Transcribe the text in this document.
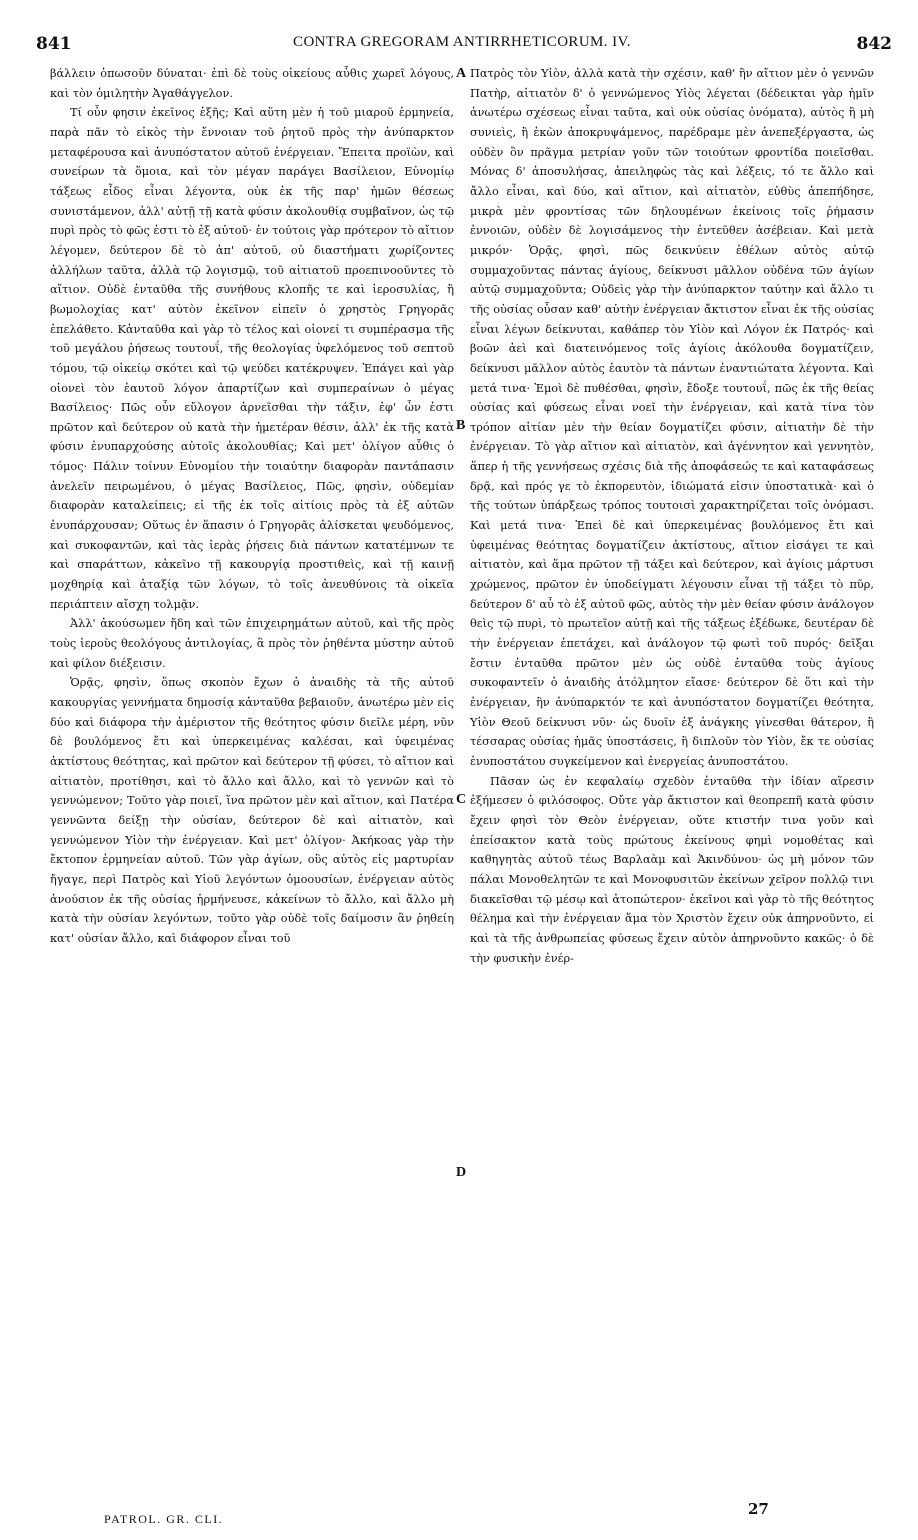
841	CONTRA GREGORAM ANTIRRHETICORUM. IV.	842

βάλλειν ὁπωσοῦν δύναται· ἐπὶ δὲ τοὺς οἰκείους αὖθις χωρεῖ λόγους, καὶ τὸν ὁμιλητὴν Ἀγαθάγγελον.

Τί οὖν φησιν ἐκεῖνος ἑξῆς; Καὶ αὕτη μὲν ἡ τοῦ μιαροῦ ἑρμηνεία, παρὰ πᾶν τὸ εἰκὸς τὴν ἔννοιαν τοῦ ῥητοῦ πρὸς τὴν ἀνύπαρκτον μεταφέρουσα καὶ ἀνυπόστατον αὐτοῦ ἐνέργειαν. Ἔπειτα προϊὼν, καὶ συνείρων τὰ ὅμοια, καὶ τὸν μέγαν παράγει Βασίλειον, Εὐνομίῳ τάξεως εἶδος εἶναι λέγοντα, οὐκ ἐκ τῆς παρ' ἡμῶν θέσεως συνιστάμενον, ἀλλ' αὐτῇ τῇ κατὰ φύσιν ἀκολουθίᾳ συμβαῖνον, ὡς τῷ πυρὶ πρὸς τὸ φῶς ἐστι τὸ ἐξ αὐτοῦ· ἐν τούτοις γὰρ πρότερον τὸ αἴτιον λέγομεν, δεύτερον δὲ τὸ ἀπ' αὐτοῦ, οὐ διαστήματι χωρίζοντες ἀλλήλων ταῦτα, ἀλλὰ τῷ λογισμῷ, τοῦ αἰτιατοῦ προεπινοοῦντες τὸ αἴτιον. Οὐδὲ ἐνταῦθα τῆς συνήθους κλοπῆς τε καὶ ἱεροσυλίας, ἢ βωμολοχίας κατ' αὐτὸν ἐκεῖνον εἰπεῖν ὁ χρηστὸς Γρηγορᾶς ἐπελάθετο. Κἀνταῦθα καὶ γὰρ τὸ τέλος καὶ οἱονεί τι συμπέρασμα τῆς τοῦ μεγάλου ῥήσεως τουτουΐ, τῆς θεολογίας ὑφελόμενος τοῦ σεπτοῦ τόμου, τῷ οἰκείῳ σκότει καὶ τῷ ψεύδει κατέκρυψεν. Ἐπάγει καὶ γὰρ οἱονεὶ τὸν ἑαυτοῦ λόγον ἀπαρτίζων καὶ συμπεραίνων ὁ μέγας Βασίλειος· Πῶς οὖν εὔλογον ἀρνεῖσθαι τὴν τάξιν, ἐφ' ὧν ἐστι πρῶτον καὶ δεύτερον οὐ κατὰ τὴν ἡμετέραν θέσιν, ἀλλ' ἐκ τῆς κατὰ φύσιν ἐνυπαρχούσης αὐτοῖς ἀκολουθίας; Καὶ μετ' ὀλίγον αὖθις ὁ τόμος· Πάλιν τοίνυν Εὐνομίου τὴν τοιαύτην διαφορὰν παντάπασιν ἀνελεῖν πειρωμένου, ὁ μέγας Βασίλειος, Πῶς, φησὶν, οὐδεμίαν διαφορὰν καταλείπεις; εἰ τῆς ἐκ τοῖς αἰτίοις πρὸς τὰ ἐξ αὐτῶν ἐνυπάρχουσαν; Οὕτως ἐν ἅπασιν ὁ Γρηγορᾶς ἁλίσκεται ψευδόμενος, καὶ συκοφαντῶν, καὶ τὰς ἱερὰς ῥήσεις διὰ πάντων κατατέμνων τε καὶ σπαράττων, κἀκεῖνο τῇ κακουργίᾳ προστιθεὶς, καὶ τῇ καινῇ μοχθηρίᾳ καὶ ἀταξίᾳ τῶν λόγων, τὸ τοῖς ἀνευθύνοις τὰ οἰκεῖα περιάπτειν αἴσχη τολμᾷν.

Ἀλλ' ἀκούσωμεν ἤδη καὶ τῶν ἐπιχειρημάτων αὐτοῦ, καὶ τῆς πρὸς τοὺς ἱεροὺς θεολόγους ἀντιλογίας, ἃ πρὸς τὸν ῥηθέντα μύστην αὐτοῦ καὶ φίλον διέξεισιν.

Ὁρᾷς, φησὶν, ὅπως σκοπὸν ἔχων ὁ ἀναιδὴς τὰ τῆς αὐτοῦ κακουργίας γεννήματα δημοσίᾳ κἀνταῦθα βεβαιοῦν, ἀνωτέρω μὲν εἰς δύο καὶ διάφορα τὴν ἀμέριστον τῆς θεότητος φύσιν διεῖλε μέρη, νῦν δὲ βουλόμενος ἔτι καὶ ὑπερκειμένας καλέσαι, καὶ ὑφειμένας ἀκτίστους θεότητας, καὶ πρῶτον καὶ δεύτερον τῇ φύσει, τὸ αἴτιον καὶ αἰτιατὸν, προτίθησι, καὶ τὸ ἄλλο καὶ ἄλλο, καὶ τὸ γεννῶν καὶ τὸ γεννώμενον; Τοῦτο γὰρ ποιεῖ, ἵνα πρῶτον μὲν καὶ αἴτιον, καὶ Πατέρα γεννῶντα δείξῃ τὴν οὐσίαν, δεύτερον δὲ καὶ αἰτιατὸν, καὶ γεννώμενον Υἱὸν τὴν ἐνέργειαν. Καὶ μετ' ὀλίγον· Ἀκήκοας γὰρ τὴν ἔκτοπον ἑρμηνείαν αὐτοῦ. Τῶν γὰρ ἁγίων, οὓς αὐτὸς εἰς μαρτυρίαν ἤγαγε, περὶ Πατρὸς καὶ Υἱοῦ λεγόντων ὁμοουσίων, ἐνέργειαν αὐτὸς ἀνούσιον ἐκ τῆς οὐσίας ἡρμήνευσε, κἀκείνων τὸ ἄλλο, καὶ ἄλλο μὴ κατὰ τὴν οὐσίαν λεγόντων, τοῦτο γὰρ οὐδὲ τοῖς δαίμοσιν ἂν ῥηθείη κατ' οὐσίαν ἄλλο, καὶ διάφορον εἶναι τοῦ

Πατρὸς τὸν Υἱὸν, ἀλλὰ κατὰ τὴν σχέσιν, καθ' ἣν αἴτιον μὲν ὁ γεννῶν Πατὴρ, αἰτιατὸν δ' ὁ γεννώμενος Υἱὸς λέγεται (δέδεικται γὰρ ἡμῖν ἀνωτέρω σχέσεως εἶναι ταῦτα, καὶ οὐκ οὐσίας ὀνόματα), αὐτὸς ἢ μὴ συνιεὶς, ἢ ἑκὼν ἀποκρυψάμενος, παρέδραμε μὲν ἀνεπεξέργαστα, ὡς οὐδὲν ὂν πρᾶγμα μετρίαν γοῦν τῶν τοιούτων φροντίδα ποιεῖσθαι. Μόνας δ' ἀποσυλήσας, ἀπειληφὼς τὰς καὶ λέξεις, τό τε ἄλλο καὶ ἄλλο εἶναι, καὶ δύο, καὶ αἴτιον, καὶ αἰτιατὸν, εὐθὺς ἀπεπήδησε, μικρὰ μὲν φροντίσας τῶν δηλουμένων ἐκείνοις τοῖς ῥήμασιν ἐννοιῶν, οὐδὲν δὲ λογισάμενος τὴν ἐντεῦθεν ἀσέβειαν. Καὶ μετὰ μικρόν· Ὁρᾷς, φησὶ, πῶς δεικνύειν ἐθέλων αὐτὸς αὐτῷ συμμαχοῦντας πάντας ἁγίους, δείκνυσι μᾶλλον οὐδένα τῶν ἁγίων αὐτῷ συμμαχοῦντα; Οὐδεὶς γὰρ τὴν ἀνύπαρκτον ταύτην καὶ ἄλλο τι τῆς οὐσίας οὖσαν καθ' αὑτὴν ἐνέργειαν ἄκτιστον εἶναι ἐκ τῆς οὐσίας εἶναι λέγων δείκνυται, καθάπερ τὸν Υἱὸν καὶ Λόγον ἐκ Πατρός· καὶ βοῶν ἀεὶ καὶ διατεινόμενος τοῖς ἁγίοις ἀκόλουθα δογματίζειν, δείκνυσι μᾶλλον αὐτὸς ἑαυτὸν τὰ πάντων ἐναντιώτατα λέγοντα. Καὶ μετά τινα· Ἐμοὶ δὲ πυθέσθαι, φησὶν, ἔδοξε τουτουΐ, πῶς ἐκ τῆς θείας οὐσίας καὶ φύσεως εἶναι νοεῖ τὴν ἐνέργειαν, καὶ κατὰ τίνα τὸν τρόπον αἰτίαν μὲν τὴν θείαν δογματίζει φύσιν, αἰτιατὴν δὲ τὴν ἐνέργειαν. Τὸ γὰρ αἴτιον καὶ αἰτιατὸν, καὶ ἀγέννητον καὶ γεννητὸν, ἅπερ ἡ τῆς γεννήσεως σχέσις διὰ τῆς ἀποφάσεώς τε καὶ καταφάσεως δρᾷ, καὶ πρός γε τὸ ἐκπορευτὸν, ἰδιώματά εἰσιν ὑποστατικὰ· καὶ ὁ τῆς τούτων ὑπάρξεως τρόπος τουτοισὶ χαρακτηρίζεται τοῖς ὀνόμασι. Καὶ μετά τινα· Ἐπεὶ δὲ καὶ ὑπερκειμένας βουλόμενος ἔτι καὶ ὑφειμένας θεότητας δογματίζειν ἀκτίστους, αἴτιον εἰσάγει τε καὶ αἰτιατὸν, καὶ ἅμα πρῶτον τῇ τάξει καὶ δεύτερον, καὶ ἁγίοις μάρτυσι χρώμενος, πρῶτον ἐν ὑποδείγματι λέγουσιν εἶναι τῇ τάξει τὸ πῦρ, δεύτερον δ' αὖ τὸ ἐξ αὐτοῦ φῶς, αὐτὸς τὴν μὲν θείαν φύσιν ἀνάλογον θεὶς τῷ πυρὶ, τὸ πρωτεῖον αὐτῇ καὶ τῆς τάξεως ἐξέδωκε, δευτέραν δὲ τὴν ἐνέργειαν ἐπετάχει, καὶ ἀνάλογον τῷ φωτὶ τοῦ πυρός· δεῖξαι ἔστιν ἐνταῦθα πρῶτον μὲν ὡς οὐδὲ ἐνταῦθα τοὺς ἁγίους συκοφαντεῖν ὁ ἀναιδὴς ἀτόλμητον εἴασε· δεύτερον δὲ ὅτι καὶ τὴν ἐνέργειαν, ἣν ἀνύπαρκτόν τε καὶ ἀνυπόστατον δογματίζει θεότητα, Υἱὸν Θεοῦ δείκνυσι νῦν· ὡς δυοῖν ἐξ ἀνάγκης γίνεσθαι θάτερον, ἢ τέσσαρας οὐσίας ἡμᾶς ὑποστάσεις, ἢ διπλοῦν τὸν Υἱὸν, ἔκ τε οὐσίας ἐνυποστάτου συγκείμενον καὶ ἐνεργείας ἀνυποστάτου.

Πᾶσαν ὡς ἐν κεφαλαίῳ σχεδὸν ἐνταῦθα τὴν ἰδίαν αἵρεσιν ἐξήμεσεν ὁ φιλόσοφος. Οὔτε γὰρ ἄκτιστον καὶ θεοπρεπῆ κατὰ φύσιν ἔχειν φησὶ τὸν Θεὸν ἐνέργειαν, οὔτε κτιστήν τινα γοῦν καὶ ἐπείσακτον κατὰ τοὺς πρώτους ἐκείνους φημὶ νομοθέτας καὶ καθηγητὰς αὐτοῦ τέως Βαρλαὰμ καὶ Ἀκινδύνου· ὡς μὴ μόνον τῶν πάλαι Μονοθελητῶν τε καὶ Μονοφυσιτῶν ἐκείνων χεῖρον πολλῷ τινι διακεῖσθαι τῷ μέσῳ καὶ ἀτοπώτερον· ἐκεῖνοι καὶ γὰρ τὸ τῆς θεότητος θέλημα καὶ τὴν ἐνέργειαν ἅμα τὸν Χριστὸν ἔχειν οὐκ ἀπηρνοῦντο, εἰ καὶ τὰ τῆς ἀνθρωπείας φύσεως ἔχειν αὐτὸν ἀπηρνοῦντο κακῶς· ὁ δὲ τὴν φυσικὴν ἐνέρ-

A
B
C
D
PATROL. GR. CLI.
27
